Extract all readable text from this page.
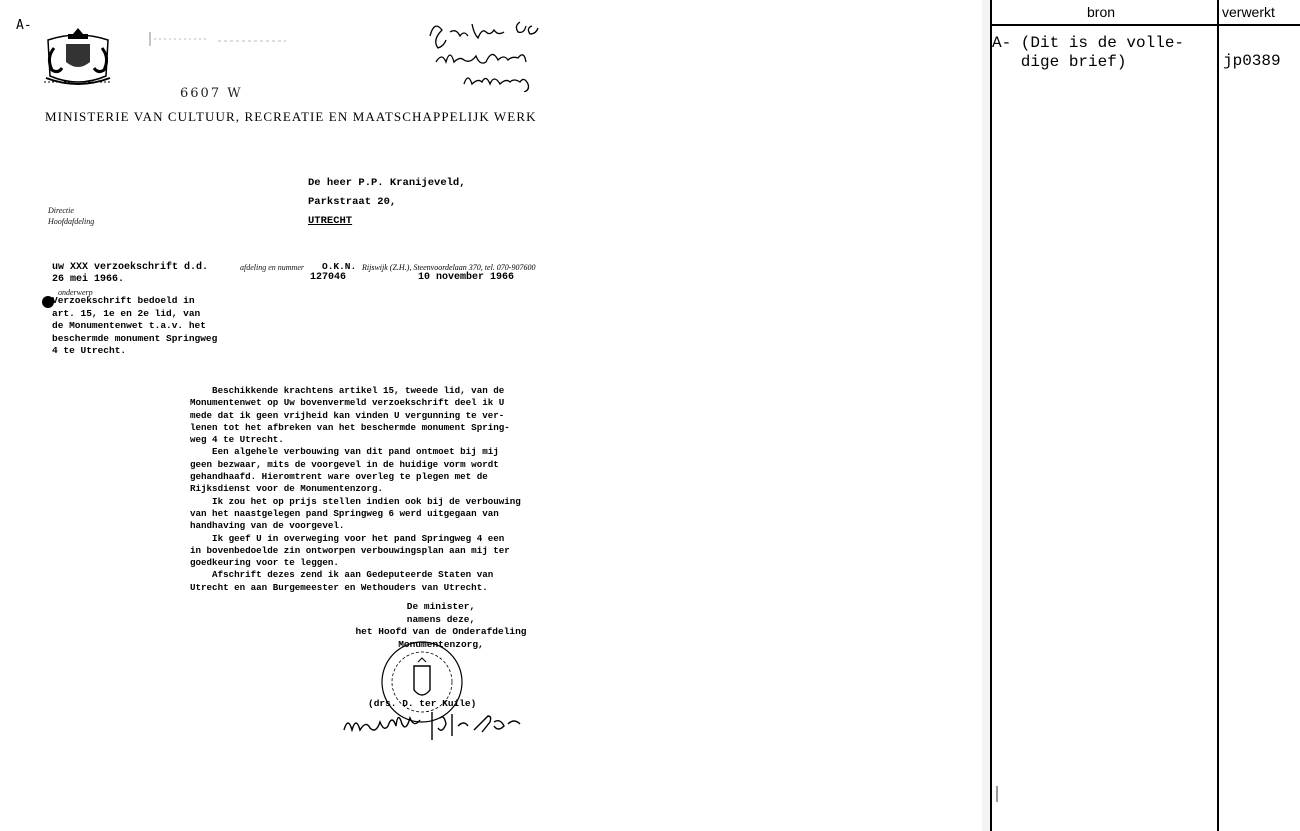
A-
6607 W
MINISTERIE VAN CULTUUR, RECREATIE EN MAATSCHAPPELIJK WERK
Directie
Hoofdafdeling
De heer P.P. Kranijeveld,
Parkstraat 20,
UTRECHT
afdeling en nummer O.K.N. Rijswijk (Z.H.), Steenvoordelaan 370, tel. 070-907600
127046	10 november 1966
uw XXX verzoekschrift d.d.
26 mei 1966.
onderwerp
Verzoekschrift bedoeld in
art. 15, 1e en 2e lid, van
de Monumentenwet t.a.v. het
beschermde monument Springweg
4 te Utrecht.
Beschikkende krachtens artikel 15, tweede lid, van de
Monumentenwet op Uw bovenvermeld verzoekschrift deel ik U
mede dat ik geen vrijheid kan vinden U vergunning te ver-
lenen tot het afbreken van het beschermde monument Spring-
weg 4 te Utrecht.
Een algehele verbouwing van dit pand ontmoet bij mij
geen bezwaar, mits de voorgevel in de huidige vorm wordt
gehandhaafd. Hieromtrent ware overleg te plegen met de
Rijksdienst voor de Monumentenzorg.
Ik zou het op prijs stellen indien ook bij de verbouwing
van het naastgelegen pand Springweg 6 werd uitgegaan van
handhaving van de voorgevel.
Ik geef U in overweging voor het pand Springweg 4 een
in bovenbedoelde zin ontworpen verbouwingsplan aan mij ter
goedkeuring voor te leggen.
Afschrift dezes zend ik aan Gedeputeerde Staten van
Utrecht en aan Burgemeester en Wethouders van Utrecht.
De minister,
namens deze,
het Hoofd van de Onderafdeling
Monumentenzorg,
(drs. D. ter Kuile)
bron	verwerkt
A- (Dit is de volle-
dige brief)	jp0389
